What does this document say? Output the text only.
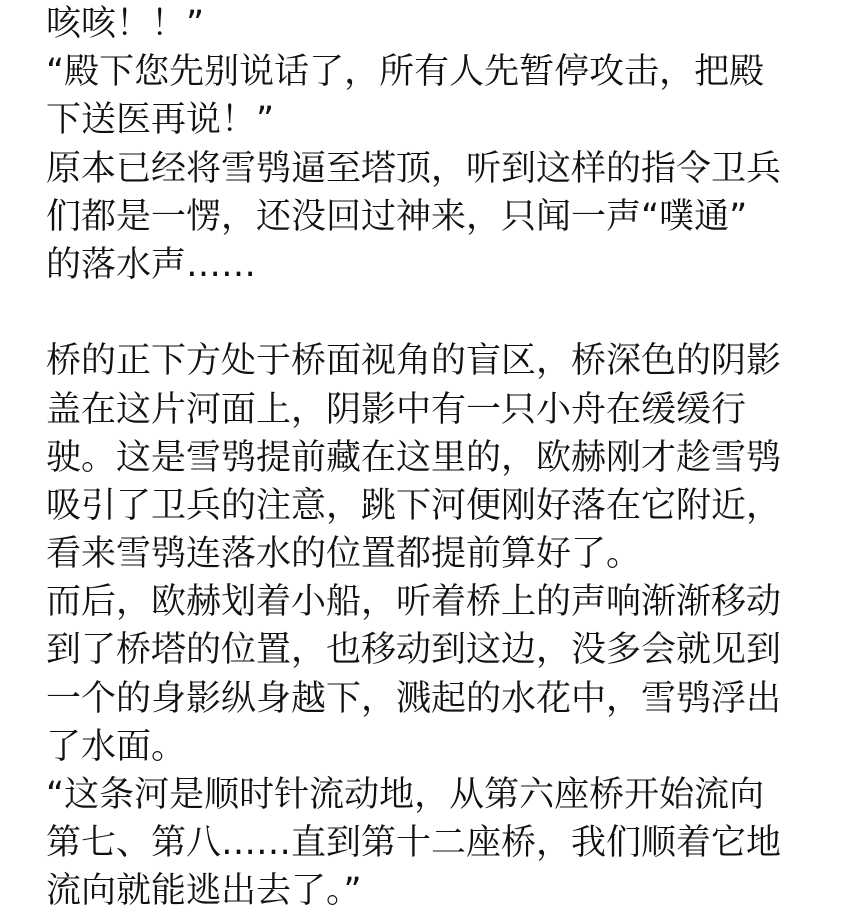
咳咳！！”
“殿下您先别说话了，所有人先暂停攻击，把殿
下送医再说！”
原本已经将雪鸮逼至塔顶，听到这样的指令卫兵
们都是一愣，还没回过神来，只闻一声“噗通”
的落水声……
桥的正下方处于桥面视角的盲区，桥深色的阴影
盖在这片河面上，阴影中有一只小舟在缓缓行
驶。这是雪鸮提前藏在这里的，欧赫刚才趁雪鸮
吸引了卫兵的注意，跳下河便刚好落在它附近，
看来雪鸮连落水的位置都提前算好了。
而后，欧赫划着小船，听着桥上的声响渐渐移动
到了桥塔的位置，也移动到这边，没多会就见到
一个的身影纵身越下，溅起的水花中，雪鸮浮出
了水面。
“这条河是顺时针流动地，从第六座桥开始流向
第七、第八……直到第十二座桥，我们顺着它地
流向就能逃出去了。”
